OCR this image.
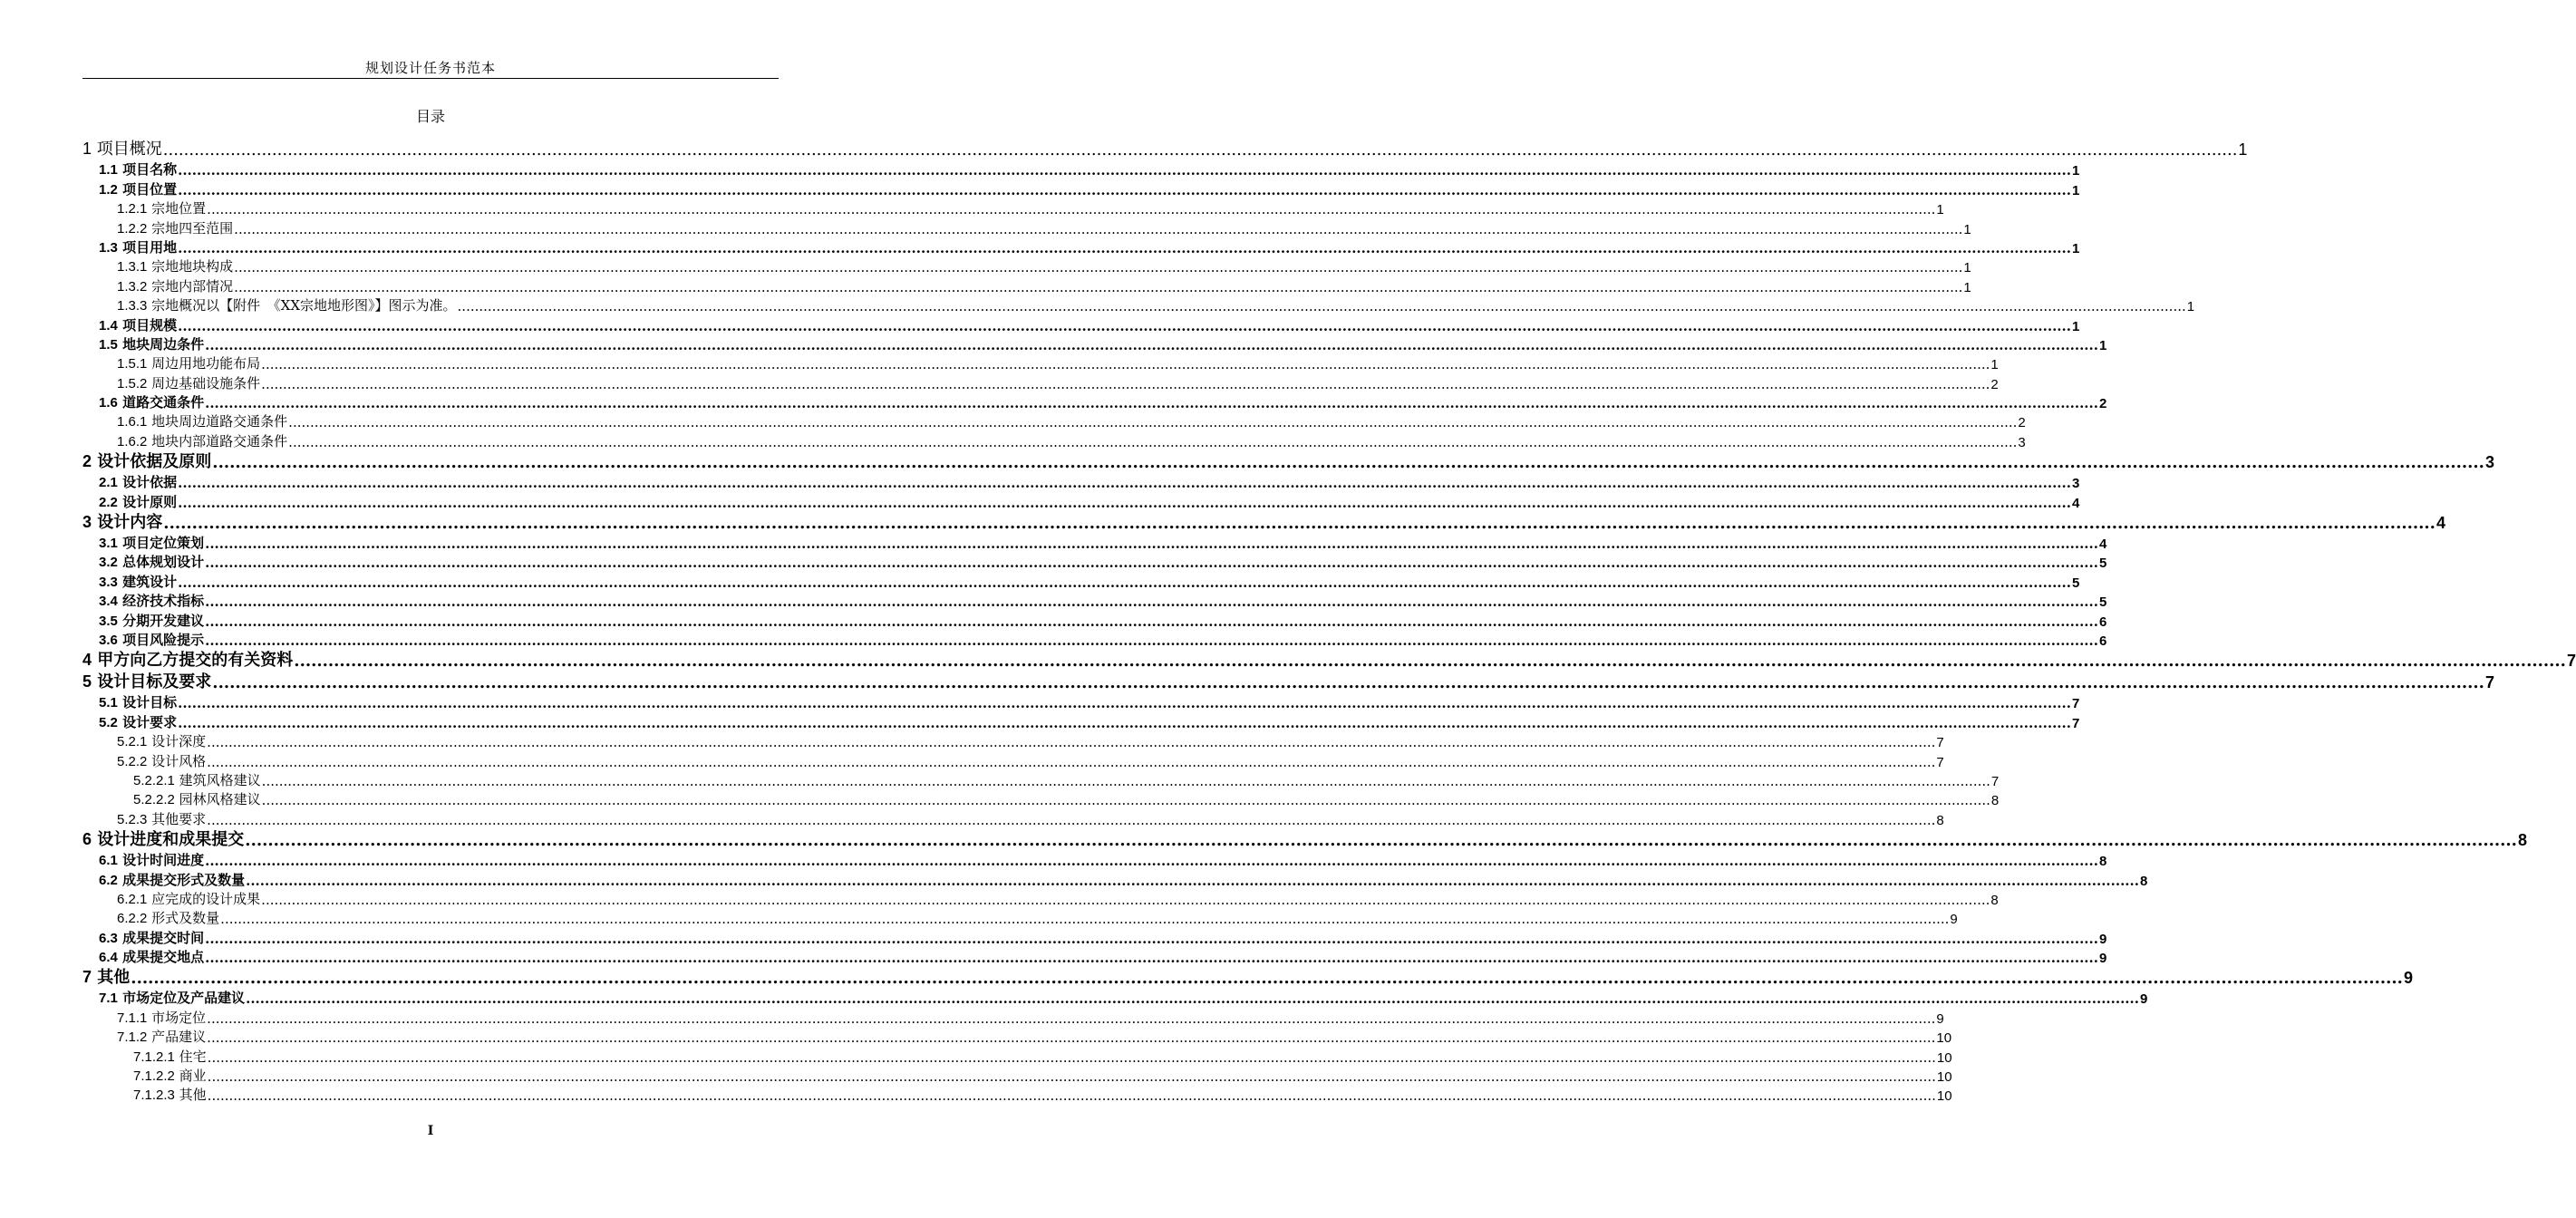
规划设计任务书范本
目录
1 项目概况 ................................................................................................................................................................................................................................................................................................................................................................................................................ 1
1.1 项目名称 ................................................................................................................................................................................................................................................................................................................................................................................................................ 1
1.2 项目位置 ................................................................................................................................................................................................................................................................................................................................................................................................................ 1
1.2.1 宗地位置 ................................................................................................................................................................................................................................................................................................................................................................................................................ 1
1.2.2 宗地四至范围 ................................................................................................................................................................................................................................................................................................................................................................................................................ 1
1.3 项目用地 ................................................................................................................................................................................................................................................................................................................................................................................................................ 1
1.3.1 宗地地块构成 ................................................................................................................................................................................................................................................................................................................................................................................................................ 1
1.3.2 宗地内部情况 ................................................................................................................................................................................................................................................................................................................................................................................................................ 1
1.3.3 宗地概况以【附件　《XX宗地地形图》】图示为准。 ................................................................................................................................................................................................................................................................................................................................................................................................................ 1
1.4 项目规模 ................................................................................................................................................................................................................................................................................................................................................................................................................ 1
1.5 地块周边条件 ................................................................................................................................................................................................................................................................................................................................................................................................................ 1
1.5.1 周边用地功能布局 ................................................................................................................................................................................................................................................................................................................................................................................................................ 1
1.5.2 周边基础设施条件 ................................................................................................................................................................................................................................................................................................................................................................................................................ 2
1.6 道路交通条件 ................................................................................................................................................................................................................................................................................................................................................................................................................ 2
1.6.1 地块周边道路交通条件 ................................................................................................................................................................................................................................................................................................................................................................................................................ 2
1.6.2 地块内部道路交通条件 ................................................................................................................................................................................................................................................................................................................................................................................................................ 3
2 设计依据及原则 ................................................................................................................................................................................................................................................................................................................................................................................................................ 3
2.1 设计依据 ................................................................................................................................................................................................................................................................................................................................................................................................................ 3
2.2 设计原则 ................................................................................................................................................................................................................................................................................................................................................................................................................ 4
3 设计内容 ................................................................................................................................................................................................................................................................................................................................................................................................................ 4
3.1 项目定位策划 ................................................................................................................................................................................................................................................................................................................................................................................................................ 4
3.2 总体规划设计 ................................................................................................................................................................................................................................................................................................................................................................................................................ 5
3.3 建筑设计 ................................................................................................................................................................................................................................................................................................................................................................................................................ 5
3.4 经济技术指标 ................................................................................................................................................................................................................................................................................................................................................................................................................ 5
3.5 分期开发建议 ................................................................................................................................................................................................................................................................................................................................................................................................................ 6
3.6 项目风险提示 ................................................................................................................................................................................................................................................................................................................................................................................................................ 6
4 甲方向乙方提交的有关资料 ................................................................................................................................................................................................................................................................................................................................................................................................................ 7
5 设计目标及要求 ................................................................................................................................................................................................................................................................................................................................................................................................................ 7
5.1 设计目标 ................................................................................................................................................................................................................................................................................................................................................................................................................ 7
5.2 设计要求 ................................................................................................................................................................................................................................................................................................................................................................................................................ 7
5.2.1 设计深度 ................................................................................................................................................................................................................................................................................................................................................................................................................ 7
5.2.2 设计风格 ................................................................................................................................................................................................................................................................................................................................................................................................................ 7
5.2.2.1 建筑风格建议 ................................................................................................................................................................................................................................................................................................................................................................................................................ 7
5.2.2.2 园林风格建议 ................................................................................................................................................................................................................................................................................................................................................................................................................ 8
5.2.3 其他要求 ................................................................................................................................................................................................................................................................................................................................................................................................................ 8
6 设计进度和成果提交 ................................................................................................................................................................................................................................................................................................................................................................................................................ 8
6.1 设计时间进度 ................................................................................................................................................................................................................................................................................................................................................................................................................ 8
6.2 成果提交形式及数量 ................................................................................................................................................................................................................................................................................................................................................................................................................ 8
6.2.1 应完成的设计成果 ................................................................................................................................................................................................................................................................................................................................................................................................................ 8
6.2.2 形式及数量 ................................................................................................................................................................................................................................................................................................................................................................................................................ 9
6.3 成果提交时间 ................................................................................................................................................................................................................................................................................................................................................................................................................ 9
6.4 成果提交地点 ................................................................................................................................................................................................................................................................................................................................................................................................................ 9
7 其他 ................................................................................................................................................................................................................................................................................................................................................................................................................ 9
7.1 市场定位及产品建议 ................................................................................................................................................................................................................................................................................................................................................................................................................ 9
7.1.1 市场定位 ................................................................................................................................................................................................................................................................................................................................................................................................................ 9
7.1.2 产品建议 ................................................................................................................................................................................................................................................................................................................................................................................................................ 10
7.1.2.1 住宅 ................................................................................................................................................................................................................................................................................................................................................................................................................ 10
7.1.2.2 商业 ................................................................................................................................................................................................................................................................................................................................................................................................................ 10
7.1.2.3 其他 ................................................................................................................................................................................................................................................................................................................................................................................................................ 10
I
